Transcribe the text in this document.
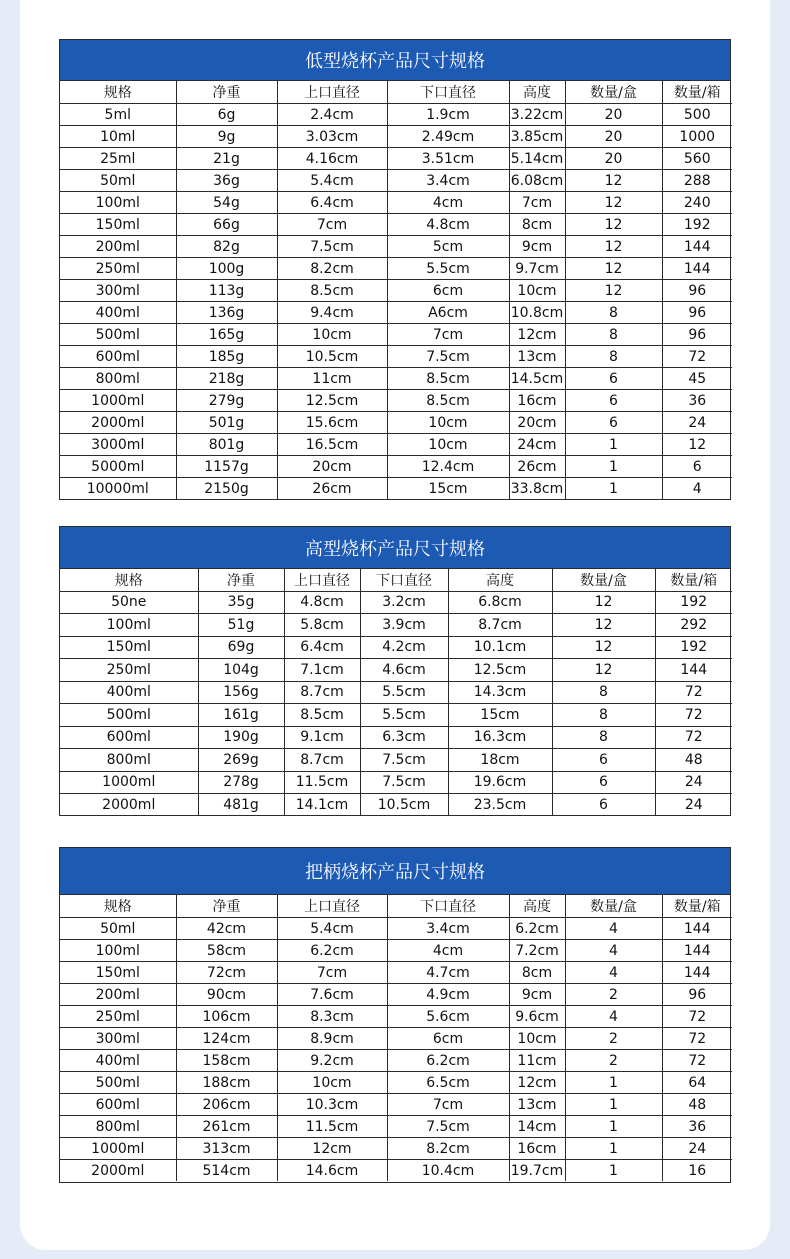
低型烧杯产品尺寸规格
规格	净重	上口直径	下口直径	高度	数量/盒	数量/箱
5ml	6g	2.4cm	1.9cm	3.22cm	20	500
10ml	9g	3.03cm	2.49cm	3.85cm	20	1000
25ml	21g	4.16cm	3.51cm	5.14cm	20	560
50ml	36g	5.4cm	3.4cm	6.08cm	12	288
100ml	54g	6.4cm	4cm	7cm	12	240
150ml	66g	7cm	4.8cm	8cm	12	192
200ml	82g	7.5cm	5cm	9cm	12	144
250ml	100g	8.2cm	5.5cm	9.7cm	12	144
300ml	113g	8.5cm	6cm	10cm	12	96
400ml	136g	9.4cm	A6cm	10.8cm	8	96
500ml	165g	10cm	7cm	12cm	8	96
600ml	185g	10.5cm	7.5cm	13cm	8	72
800ml	218g	11cm	8.5cm	14.5cm	6	45
1000ml	279g	12.5cm	8.5cm	16cm	6	36
2000ml	501g	15.6cm	10cm	20cm	6	24
3000ml	801g	16.5cm	10cm	24cm	1	12
5000ml	1157g	20cm	12.4cm	26cm	1	6
10000ml	2150g	26cm	15cm	33.8cm	1	4
高型烧杯产品尺寸规格
规格	净重	上口直径	下口直径	高度	数量/盒	数量/箱
50ne	35g	4.8cm	3.2cm	6.8cm	12	192
100ml	51g	5.8cm	3.9cm	8.7cm	12	292
150ml	69g	6.4cm	4.2cm	10.1cm	12	192
250ml	104g	7.1cm	4.6cm	12.5cm	12	144
400ml	156g	8.7cm	5.5cm	14.3cm	8	72
500ml	161g	8.5cm	5.5cm	15cm	8	72
600ml	190g	9.1cm	6.3cm	16.3cm	8	72
800ml	269g	8.7cm	7.5cm	18cm	6	48
1000ml	278g	11.5cm	7.5cm	19.6cm	6	24
2000ml	481g	14.1cm	10.5cm	23.5cm	6	24
把柄烧杯产品尺寸规格
规格	净重	上口直径	下口直径	高度	数量/盒	数量/箱
50ml	42cm	5.4cm	3.4cm	6.2cm	4	144
100ml	58cm	6.2cm	4cm	7.2cm	4	144
150ml	72cm	7cm	4.7cm	8cm	4	144
200ml	90cm	7.6cm	4.9cm	9cm	2	96
250ml	106cm	8.3cm	5.6cm	9.6cm	4	72
300ml	124cm	8.9cm	6cm	10cm	2	72
400ml	158cm	9.2cm	6.2cm	11cm	2	72
500ml	188cm	10cm	6.5cm	12cm	1	64
600ml	206cm	10.3cm	7cm	13cm	1	48
800ml	261cm	11.5cm	7.5cm	14cm	1	36
1000ml	313cm	12cm	8.2cm	16cm	1	24
2000ml	514cm	14.6cm	10.4cm	19.7cm	1	16
